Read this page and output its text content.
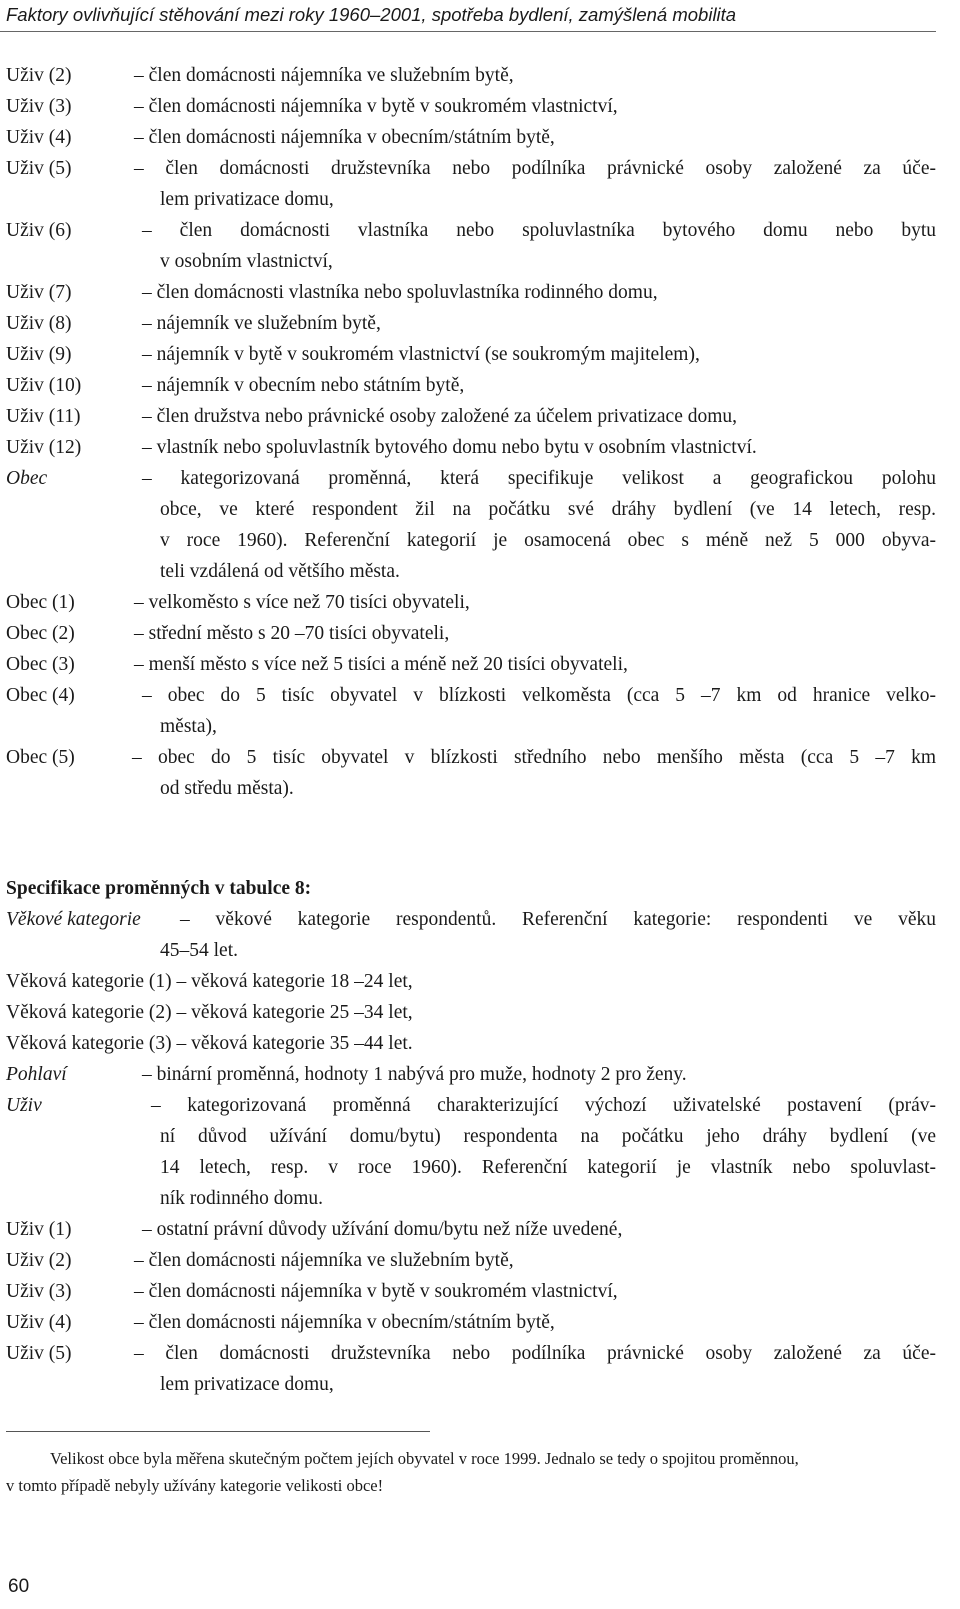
Faktory ovlivňující stěhování mezi roky 1960–2001, spotřeba bydlení, zamýšlená mobilita
Uživ (2)	– člen domácnosti nájemníka ve služebním bytě,
Uživ (3)	– člen domácnosti nájemníka v bytě v soukromém vlastnictví,
Uživ (4)	– člen domácnosti nájemníka v obecním/státním bytě,
Uživ (5)	– člen domácnosti družstevníka nebo podílníka právnické osoby založené za úče-
lem privatizace domu,
Uživ (6)	– člen domácnosti vlastníka nebo spoluvlastníka bytového domu nebo bytu
v osobním vlastnictví,
Uživ (7)	– člen domácnosti vlastníka nebo spoluvlastníka rodinného domu,
Uživ (8)	– nájemník ve služebním bytě,
Uživ (9)	– nájemník v bytě v soukromém vlastnictví (se soukromým majitelem),
Uživ (10)	– nájemník v obecním nebo státním bytě,
Uživ (11)	– člen družstva nebo právnické osoby založené za účelem privatizace domu,
Uživ (12)	– vlastník nebo spoluvlastník bytového domu nebo bytu v osobním vlastnictví.
Obec	– kategorizovaná proměnná, která specifikuje velikost a geografickou polohu
obce, ve které respondent žil na počátku své dráhy bydlení (ve 14 letech, resp.
v roce 1960). Referenční kategorií je osamocená obec s méně než 5 000 obyva-
teli vzdálená od většího města.
Obec (1)	– velkoměsto s více než 70 tisíci obyvateli,
Obec (2)	– střední město s 20 –70 tisíci obyvateli,
Obec (3)	– menší město s více než 5 tisíci a méně než 20 tisíci obyvateli,
Obec (4)	– obec do 5 tisíc obyvatel v blízkosti velkoměsta (cca 5 –7 km od hranice velko-
města),
Obec (5)	– obec do 5 tisíc obyvatel v blízkosti středního nebo menšího města (cca 5 –7 km
od středu města).
Specifikace proměnných v tabulce 8:
Věkové kategorie	– věkové kategorie respondentů. Referenční kategorie: respondenti ve věku
45–54 let.
Věková kategorie (1) – věková kategorie 18 –24 let,
Věková kategorie (2) – věková kategorie 25 –34 let,
Věková kategorie (3) – věková kategorie 35 –44 let.
Pohlaví	– binární proměnná, hodnoty 1 nabývá pro muže, hodnoty 2 pro ženy.
Uživ	– kategorizovaná proměnná charakterizující výchozí uživatelské postavení (práv-
ní důvod užívání domu/bytu) respondenta na počátku jeho dráhy bydlení (ve
14 letech, resp. v roce 1960). Referenční kategorií je vlastník nebo spoluvlast-
ník rodinného domu.
Uživ (1)	– ostatní právní důvody užívání domu/bytu než níže uvedené,
Uživ (2)	– člen domácnosti nájemníka ve služebním bytě,
Uživ (3)	– člen domácnosti nájemníka v bytě v soukromém vlastnictví,
Uživ (4)	– člen domácnosti nájemníka v obecním/státním bytě,
Uživ (5)	– člen domácnosti družstevníka nebo podílníka právnické osoby založené za úče-
lem privatizace domu,
Velikost obce byla měřena skutečným počtem jejích obyvatel v roce 1999. Jednalo se tedy o spojitou proměnnou,
v tomto případě nebyly užívány kategorie velikosti obce!
60
